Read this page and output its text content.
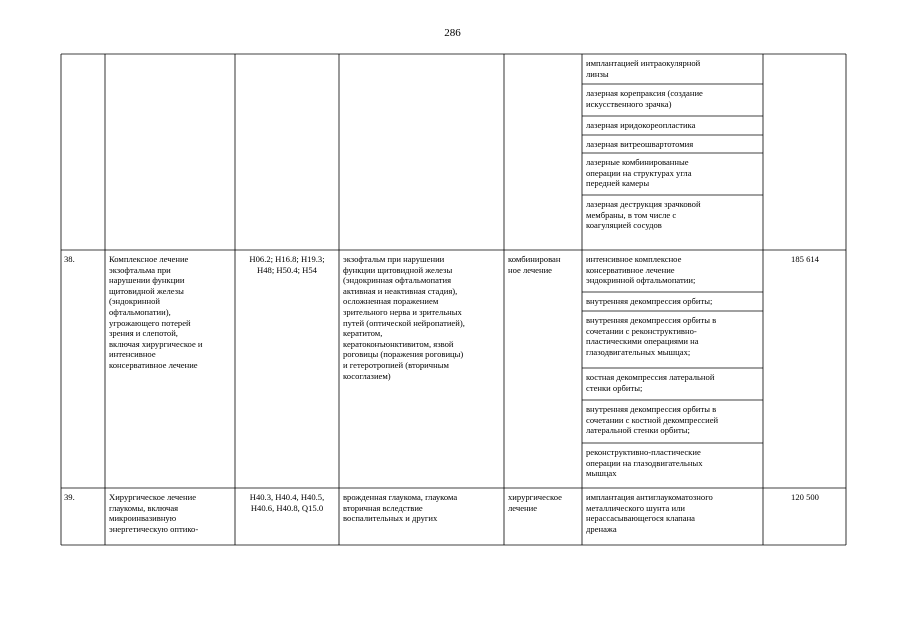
286
имплантацией интраокулярной
линзы
лазерная корепраксия (создание
искусственного зрачка)
лазерная иридокореопластика
лазерная витреошвартотомия
лазерные комбинированные
операции на структурах угла
передней камеры
лазерная деструкция зрачковой
мембраны, в том числе с
коагуляцией сосудов
38.	Комплексное лечение
экзофтальма при
нарушении функции
щитовидной железы
(эндокринной
офтальмопатии),
угрожающего потерей
зрения и слепотой,
включая хирургическое и
интенсивное
консервативное лечение
H06.2; H16.8; H19.3;
H48; H50.4; H54
экзофтальм при нарушении
функции щитовидной железы
(эндокринная офтальмопатия
активная и неактивная стадия),
осложненная поражением
зрительного нерва и зрительных
путей (оптической нейропатией),
кератитом,
кератоконъюнктивитом, язвой
роговицы (поражения роговицы)
и гетеротропией (вторичным
косоглазием)
комбинирован
ное лечение
интенсивное комплексное
консервативное лечение
эндокринной офтальмопатии;
внутренняя декомпрессия орбиты;
внутренняя декомпрессия орбиты в
сочетании с реконструктивно-
пластическими операциями на
глазодвигательных мышцах;
костная декомпрессия латеральной
стенки орбиты;
внутренняя декомпрессия орбиты в
сочетании с костной декомпрессией
латеральной стенки орбиты;
реконструктивно-пластические
операции на глазодвигательных
мышцах
185 614
39.	Хирургическое лечение
глаукомы, включая
микроинвазивную
энергетическую оптико-
H40.3, H40.4, H40.5,
H40.6, H40.8, Q15.0
врожденная глаукома, глаукома
вторичная вследствие
воспалительных и других
хирургическое
лечение
имплантация антиглаукоматозного
металлического шунта или
нерассасывающегося клапана
дренажа
120 500
